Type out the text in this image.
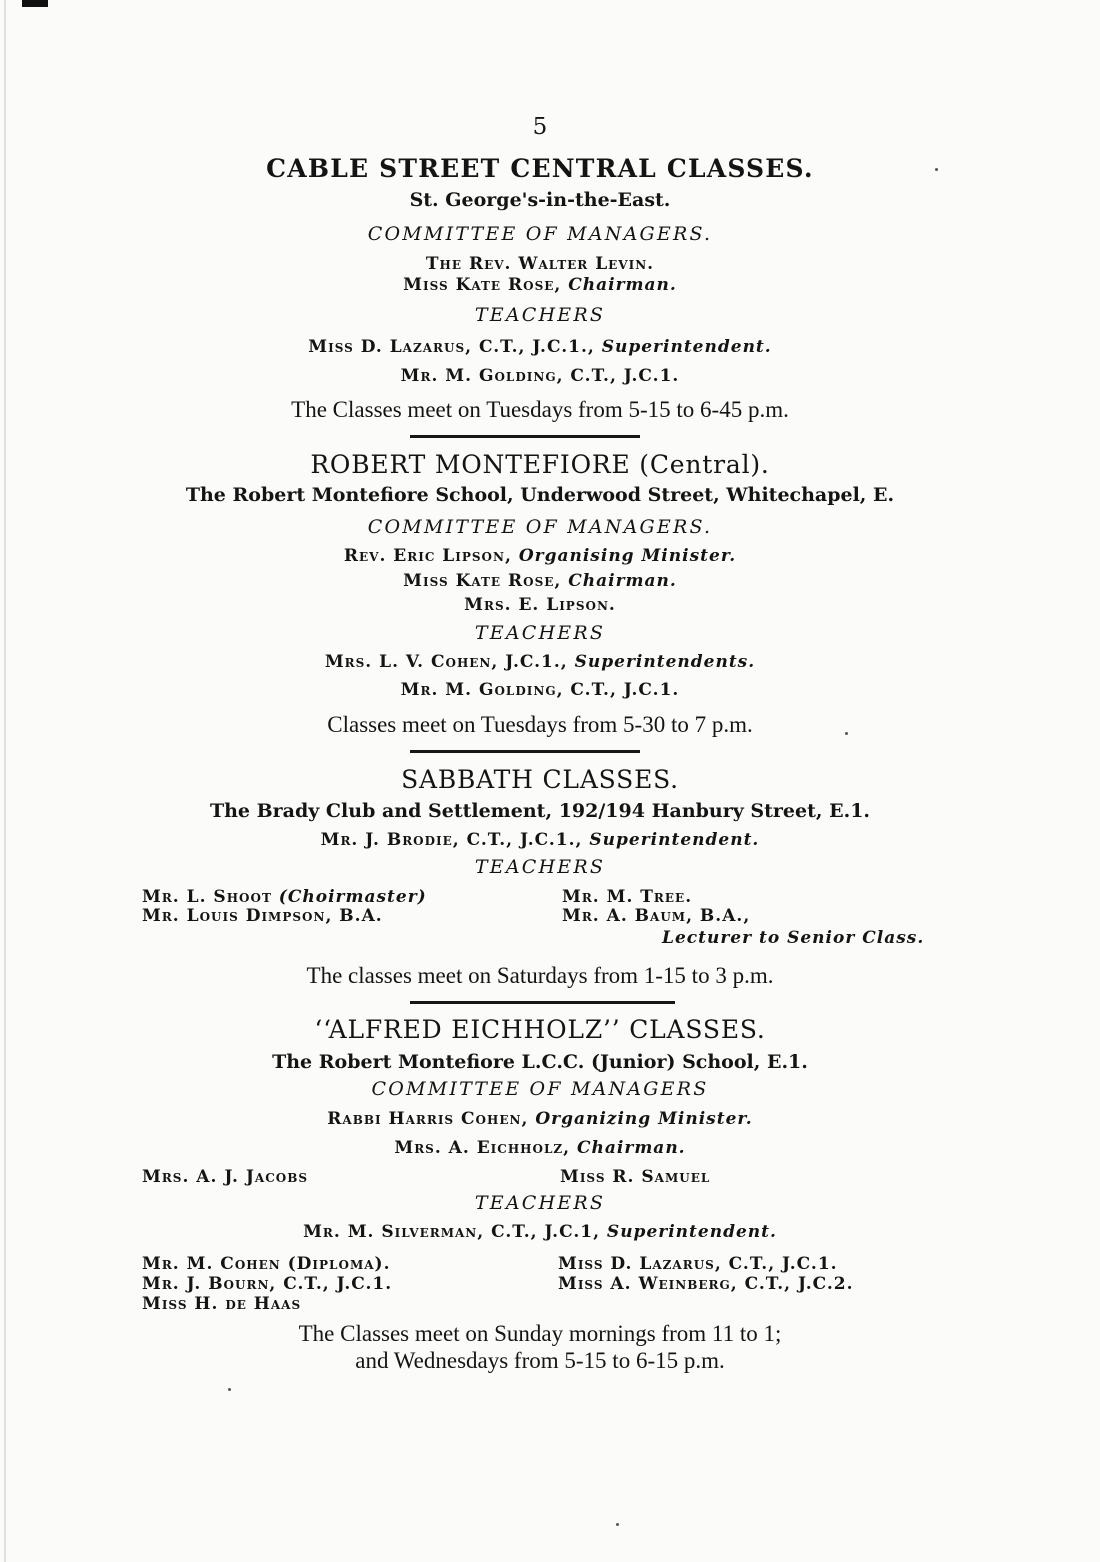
5
CABLE STREET CENTRAL CLASSES.
St. George's-in-the-East.
COMMITTEE OF MANAGERS.
The Rev. Walter Levin.
Miss Kate Rose, Chairman.
TEACHERS
Miss D. Lazarus, C.T., J.C.1., Superintendent.
Mr. M. Golding, C.T., J.C.1.
The Classes meet on Tuesdays from 5-15 to 6-45 p.m.
ROBERT MONTEFIORE (Central).
The Robert Montefiore School, Underwood Street, Whitechapel, E.
COMMITTEE OF MANAGERS.
Rev. Eric Lipson, Organising Minister.
Miss Kate Rose, Chairman.
Mrs. E. Lipson.
TEACHERS
Mrs. L. V. Cohen, J.C.1., Superintendents.
Mr. M. Golding, C.T., J.C.1.
Classes meet on Tuesdays from 5-30 to 7 p.m.
SABBATH CLASSES.
The Brady Club and Settlement, 192/194 Hanbury Street, E.1.
Mr. J. Brodie, C.T., J.C.1., Superintendent.
TEACHERS
Mr. L. Shoot (Choirmaster)
Mr. Louis Dimpson, B.A.
Mr. M. Tree.
Mr. A. Baum, B.A.,
Lecturer to Senior Class.
The classes meet on Saturdays from 1-15 to 3 p.m.
‘‘ALFRED EICHHOLZ’’ CLASSES.
The Robert Montefiore L.C.C. (Junior) School, E.1.
COMMITTEE OF MANAGERS
Rabbi Harris Cohen, Organizing Minister.
Mrs. A. Eichholz, Chairman.
Mrs. A. J. Jacobs	Miss R. Samuel
TEACHERS
Mr. M. Silverman, C.T., J.C.1, Superintendent.
Mr. M. Cohen (Diploma).
Mr. J. Bourn, C.T., J.C.1.
Miss H. de Haas
Miss D. Lazarus, C.T., J.C.1.
Miss A. Weinberg, C.T., J.C.2.
The Classes meet on Sunday mornings from 11 to 1;
and Wednesdays from 5-15 to 6-15 p.m.
